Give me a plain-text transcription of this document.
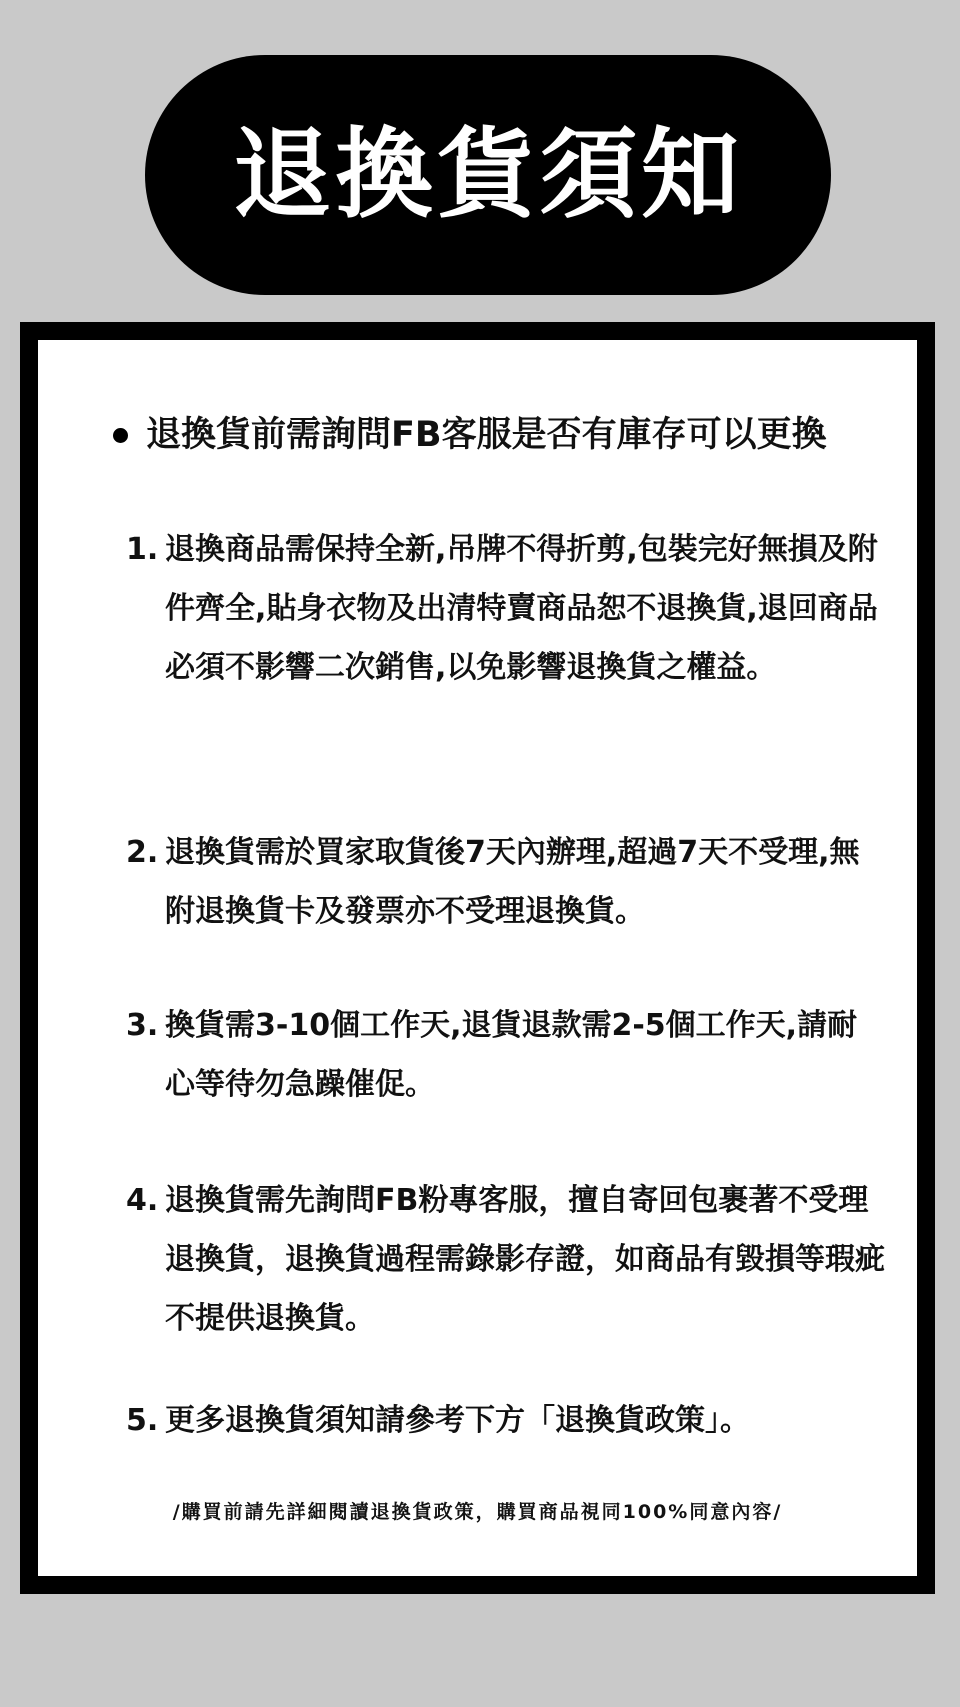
退換貨須知
退換貨前需詢問FB客服是否有庫存可以更換
1. 退換商品需保持全新,吊牌不得折剪,包裝完好無損及附件齊全,貼身衣物及出清特賣商品恕不退換貨,退回商品必須不影響二次銷售,以免影響退換貨之權益。
2. 退換貨需於買家取貨後7天內辦理,超過7天不受理,無附退換貨卡及發票亦不受理退換貨。
3. 換貨需3-10個工作天,退貨退款需2-5個工作天,請耐心等待勿急躁催促。
4. 退換貨需先詢問FB粉專客服，擅自寄回包裹著不受理退換貨，退換貨過程需錄影存證，如商品有毀損等瑕疵不提供退換貨。
5. 更多退換貨須知請參考下方「退換貨政策」。
/購買前請先詳細閱讀退換貨政策，購買商品視同100%同意內容/
